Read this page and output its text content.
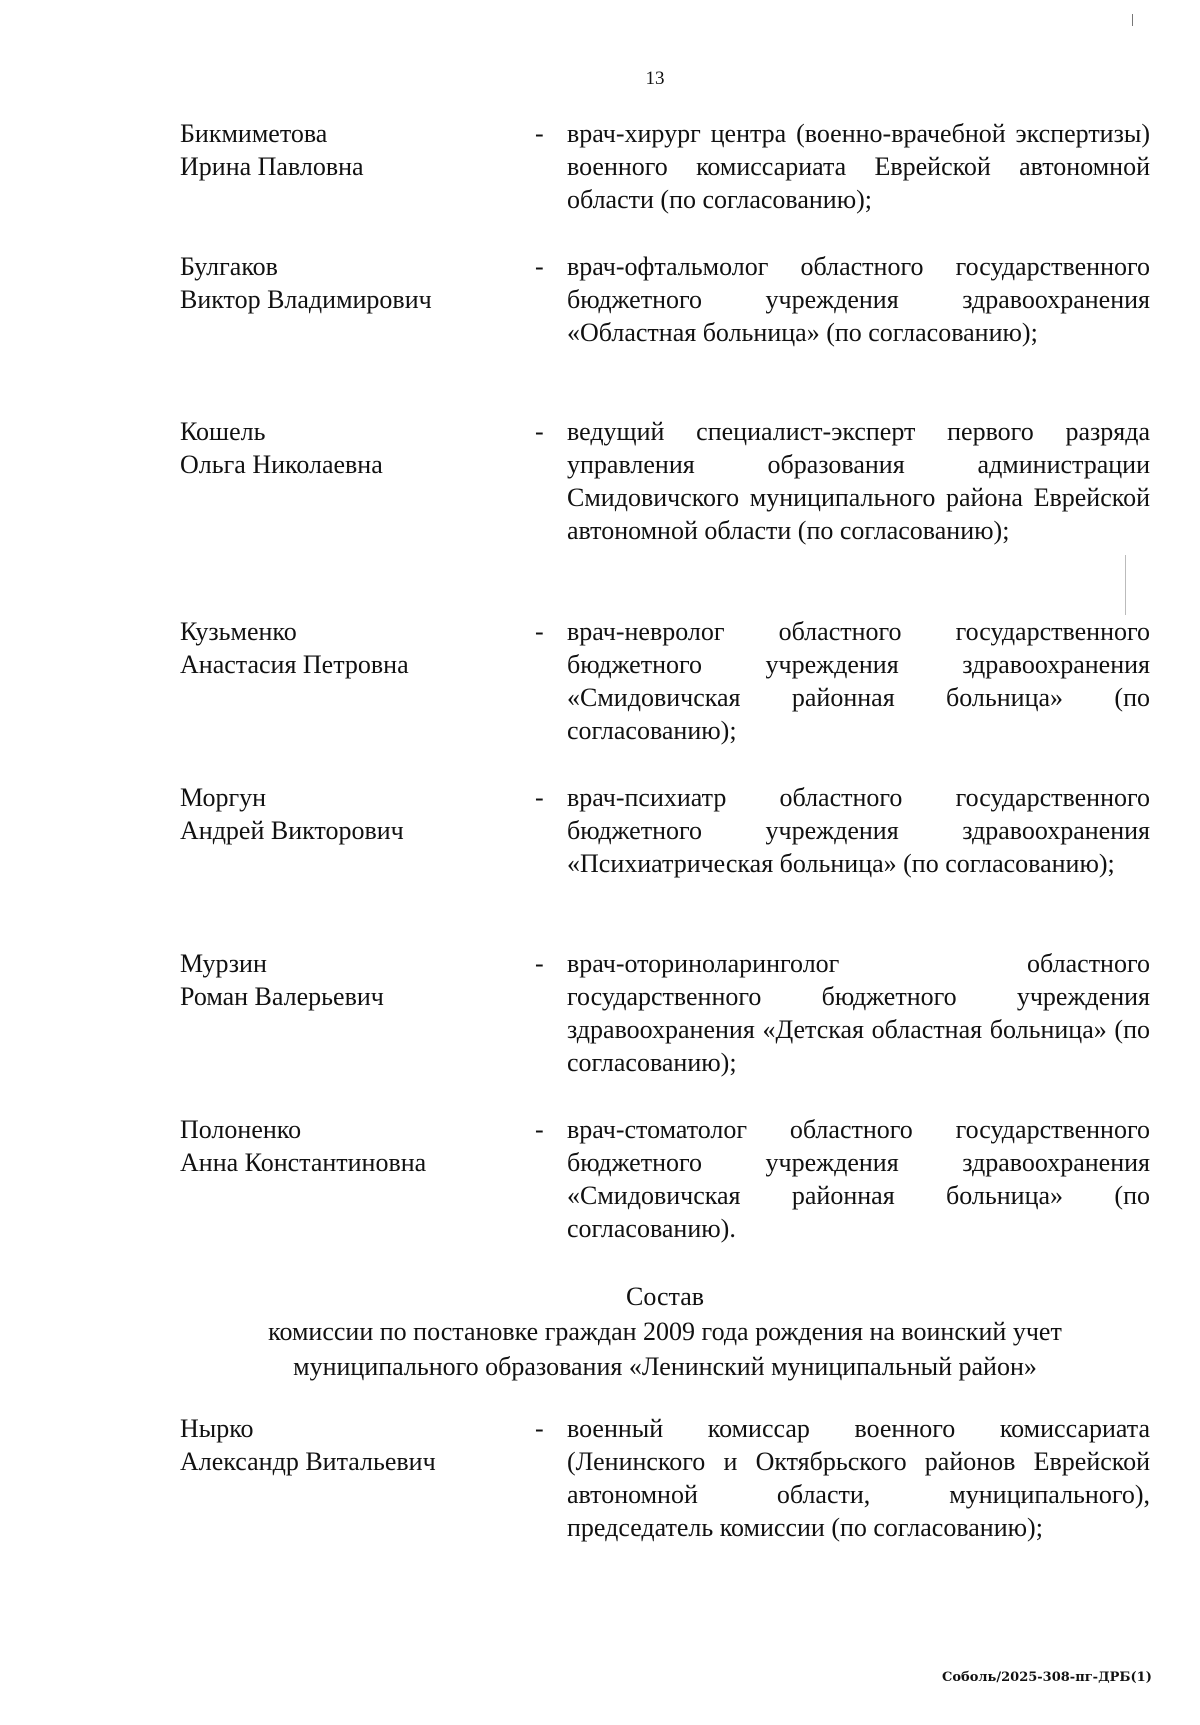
13
Бикмиметова
Ирина Павловна
- врач-хирург центра (военно-врачебной экспертизы) военного комиссариата Еврейской автономной области (по согласованию);
Булгаков
Виктор Владимирович
- врач-офтальмолог областного государственного бюджетного учреждения здравоохранения «Областная больница» (по согласованию);
Кошель
Ольга Николаевна
- ведущий специалист-эксперт первого разряда управления образования администрации Смидовичского муниципального района Еврейской автономной области (по согласованию);
Кузьменко
Анастасия Петровна
- врач-невролог областного государственного бюджетного учреждения здравоохранения «Смидовичская районная больница» (по согласованию);
Моргун
Андрей Викторович
- врач-психиатр областного государственного бюджетного учреждения здравоохранения «Психиатрическая больница» (по согласованию);
Мурзин
Роман Валерьевич
- врач-оториноларинголог областного государственного бюджетного учреждения здравоохранения «Детская областная больница» (по согласованию);
Полоненко
Анна Константиновна
- врач-стоматолог областного государственного бюджетного учреждения здравоохранения «Смидовичская районная больница» (по согласованию).
Состав
комиссии по постановке граждан 2009 года рождения на воинский учет
муниципального образования «Ленинский муниципальный район»
Нырко
Александр Витальевич
- военный комиссар военного комиссариата (Ленинского и Октябрьского районов Еврейской автономной области, муниципального), председатель комиссии (по согласованию);
Соболь/2025-308-пг-ДРБ(1)
